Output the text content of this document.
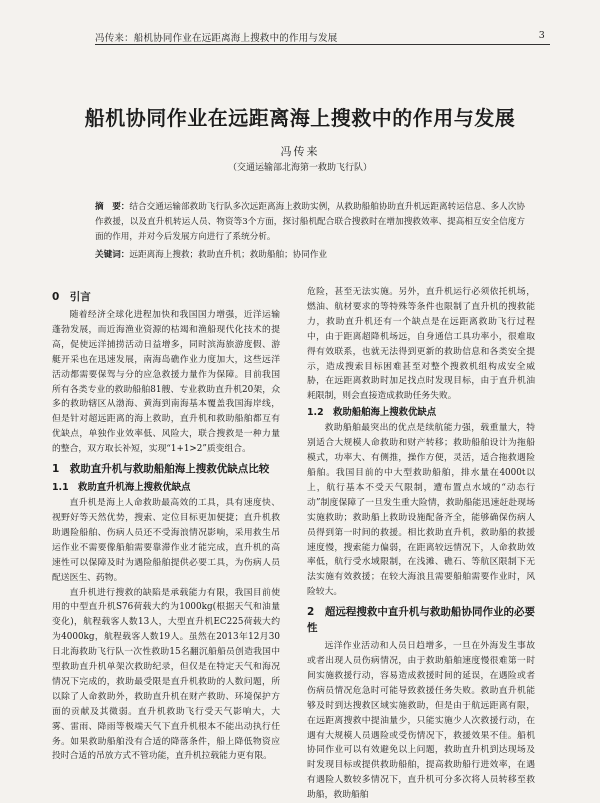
冯传来：船机协同作业在远距离海上搜救中的作用与发展	3
船机协同作业在远距离海上搜救中的作用与发展
冯传来
（交通运输部北海第一救助飞行队）
摘　要：结合交通运输部救助飞行队多次远距离海上救助实例，从救助船舶协助直升机远距离转运信息、多人次协作救援，以及直升机转运人员、物资等3个方面，探讨船机配合联合搜救时在增加搜救效率、提高相互安全信度方面的作用，并对今后发展方向进行了系统分析。
关键词：远距离海上搜救；救助直升机；救助船舶；协同作业
0　引言

随着经济全球化进程加快和我国国力增强，近洋运输蓬勃发展，而近海渔业资源的枯竭和渔船现代化技术的提高，促使远洋捕捞活动日益增多，同时滨海旅游度假、游艇开采也在迅速发展，南海岛礁作业力度加大，这些远洋活动都需要保驾与分的应急救援力量作为保障。目前我国所有各类专业的救助船舶81艘、专业救助直升机20架，众多的救助辖区从渤海、黄海到南海基本覆盖我国海岸线，但是针对超远距离的海上救助，直升机和救助船舶都互有优缺点，单独作业效率低、风险大，联合搜救是一种力量的整合，双方取长补短，实现“1+1>2”质变组合。

1　救助直升机与救助船舶海上搜救优缺点比较
1.1　救助直升机海上搜救优缺点

直升机是海上人命救助最高效的工具，具有速度快、视野好等天然优势，搜索、定位目标更加便捷；直升机救助遇险船舶、伤病人员还不受海浪情况影响，采用救生吊运作业不需要像船舶需要靠滞作业才能完成，直升机的高速性可以保障及时为遇险船舶提供必要工具，为伤病人员配送医生、药物。

直升机进行搜救的缺陷是承载能力有限，我国目前使用的中型直升机S76荷载大约为1000kg(根据天气和油量变化)，航程载客人数13人，大型直升机EC225荷载大约为4000kg，航程载客人数19人。虽然在2013年12月30日北海救助飞行队一次性救助15名翻沉船船员创造我国中型救助直升机单架次救助纪录，但仅是在特定天气和海况情况下完成的，救助最受限是直升机救助的人数问题，所以除了人命救助外，救助直升机在财产救助、环境保护方面的贡献及其微弱。直升机救助飞行受天气影响大，大雾、雷雨、降雨等极端天气下直升机根本不能出动执行任务。如果救助船舶没有合适的降落条件，船上降低物资应投时合适的吊放方式不管功能，直升机拉载能力更有限。

危险，甚至无法实施。另外，直升机运行必须依托机场，燃油、航材要求的等特殊等条件也限制了直升机的搜救能力，救助直升机还有一个缺点是在远距离救助飞行过程中，由于距离超降机场远，自身通信工具功率小，很难取得有效联系，也就无法得到更新的救助信息和各类安全提示，造成搜索目标困难甚至对整个搜救机组构成安全威胁，在远距离救助时加足找点时发现目标，由于直升机油耗限制，则会直接造成救助任务失败。

1.2　救助船舶海上搜救优缺点

救助船舶最突出的优点是续航能力强，载重量大，特别适合大规模人命救助和财产转移；救助船舶设计为拖船模式，功率大、有侧推，操作方便，灵活，适合拖救遇险船舶。我国目前的中大型救助船舶，排水量在4000t以上，航行基本不受天气限制，遭布置点水域的“动态行动”制度保障了一旦发生重大险情，救助船能迅速赶赴现场实施救助；救助船上救助设施配备齐全，能够确保伤病人员得到第一时间的救援。相比救助直升机，救助船的救援速度慢，搜索能力偏弱，在距离较远情况下，人命救助效率低，航行受水域限制，在浅滩、礁石、等航区限制下无法实施有效救援；在较大海浪且需要船舶需要作业时，风险较大。

2　超远程搜救中直升机与救助船协同作业的必要性

远洋作业活动和人员日趋增多，一旦在外海发生事故或者出现人员伤病情况，由于救助船舶速度慢很难第一时间实施救援行动，容易造成救援时间的延误，在遇险或者伤病员情况危急时可能导致救援任务失败。救助直升机能够及时到达搜救区域实施救助，但是由于航远距离有限，在远距离搜救中提油量少，只能实施少人次救援行动，在遇有大规模人员遇险或受伤情况下，救援效果不佳。船机协同作业可以有效避免以上问题，救助直升机到达现场及时发现目标或提供救助船舶，提高救助船行进效率，在遇有遇险人数较多情况下，直升机可分多次将人员转移至救助船，救助船舶
